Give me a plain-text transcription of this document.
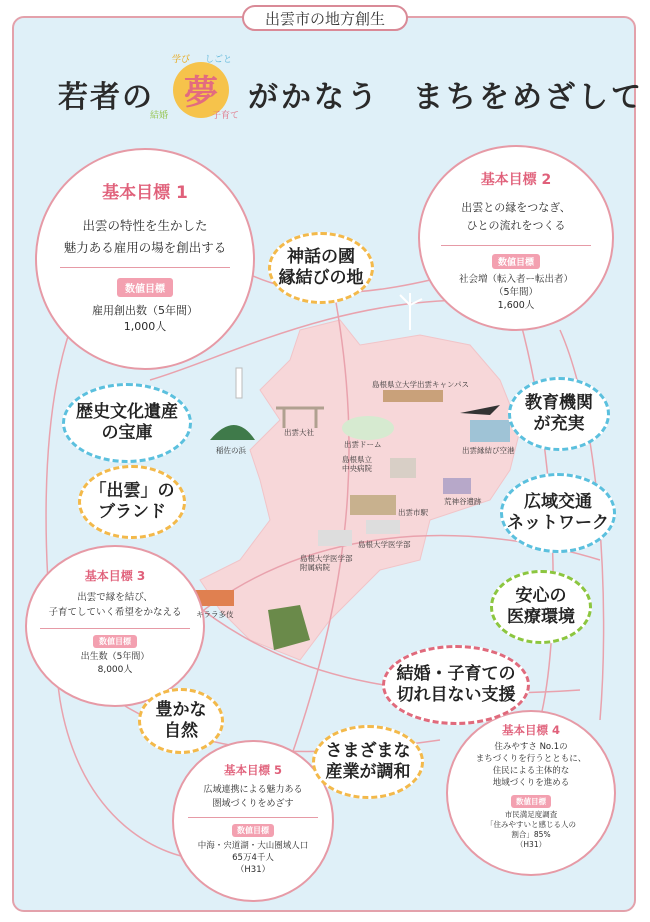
出雲市の地方創生
若者の 夢	がかなう　まちをめざして
学び しごと
結婚	子育て
基本目標 1
出雲の特性を生かした
魅力ある雇用の場を創出する
数値目標
雇用創出数（5年間）
1,000人
基本目標 2
出雲との縁をつなぎ、
ひとの流れをつくる
数値目標
社会増（転入者ー転出者）
（5年間）
1,600人
基本目標 3
出雲で縁を結び、
子育てしていく希望をかなえる
数値目標
出生数（5年間）
8,000人
基本目標 4
住みやすさ No.1の
まちづくりを行うとともに、
住民による主体的な
地域づくりを進める
数値目標
市民満足度調査
「住みやすいと感じる人の
割合」85%
（H31）
基本目標 5
広域連携による魅力ある
圏域づくりをめざす
数値目標
中海・宍道湖・大山圏域人口
65万4千人
（H31）
神話の國
縁結びの地
歴史文化遺産
の宝庫
「出雲」の
ブランド
教育機関
が充実
広域交通
ネットワーク
安心の
医療環境
結婚・子育ての
切れ目ない支援
豊かな
自然
さまざまな
産業が調和
島根県立大学出雲キャンパス
出雲大社
出雲ドーム
稲佐の浜
島根県立
中央病院
出雲縁結び空港
荒神谷遺跡
出雲市駅
島根大学医学部
島根大学医学部
附属病院
キララ多伎
